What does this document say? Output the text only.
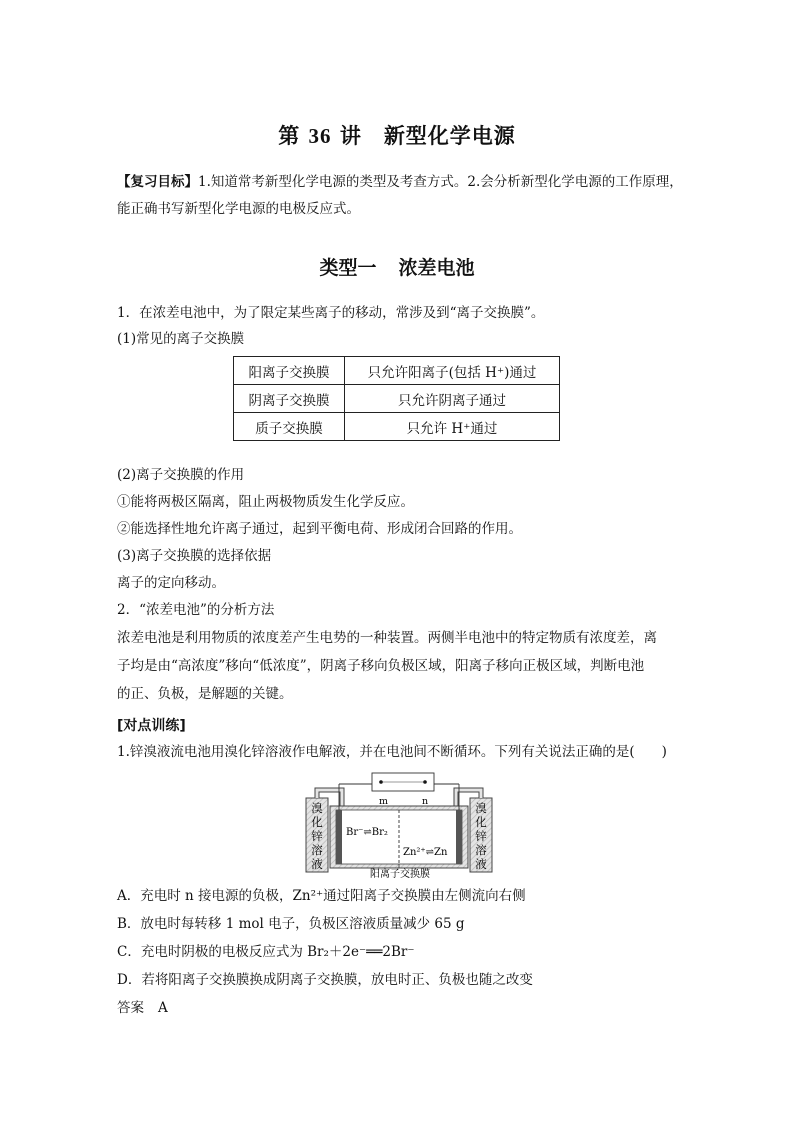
第 36 讲 新型化学电源
【复习目标】1.知道常考新型化学电源的类型及考查方式。2.会分析新型化学电源的工作原理，
能正确书写新型化学电源的电极反应式。
类型一 浓差电池
1．在浓差电池中，为了限定某些离子的移动，常涉及到“离子交换膜”。
(1)常见的离子交换膜
阳离子交换膜	只允许阳离子(包括 H⁺)通过
阴离子交换膜	只允许阴离子通过
质子交换膜	只允许 H⁺通过
(2)离子交换膜的作用
①能将两极区隔离，阻止两极物质发生化学反应。
②能选择性地允许离子通过，起到平衡电荷、形成闭合回路的作用。
(3)离子交换膜的选择依据
离子的定向移动。
2．“浓差电池”的分析方法
浓差电池是利用物质的浓度差产生电势的一种装置。两侧半电池中的特定物质有浓度差，离
子均是由“高浓度”移向“低浓度”，阴离子移向负极区域，阳离子移向正极区域，判断电池
的正、负极，是解题的关键。
[对点训练]
1.锌溴液流电池用溴化锌溶液作电解液，并在电池间不断循环。下列有关说法正确的是(　　)
m	n
Br⁻⇌Br₂
Zn²⁺⇌Zn
阳离子交换膜
溴
化
锌
溶
液
溴
化
锌
溶
液
A．充电时 n 接电源的负极，Zn²⁺通过阳离子交换膜由左侧流向右侧
B．放电时每转移 1 mol 电子，负极区溶液质量减少 65 g
C．充电时阴极的电极反应式为 Br₂＋2e⁻══2Br⁻
D．若将阳离子交换膜换成阴离子交换膜，放电时正、负极也随之改变
答案 A
